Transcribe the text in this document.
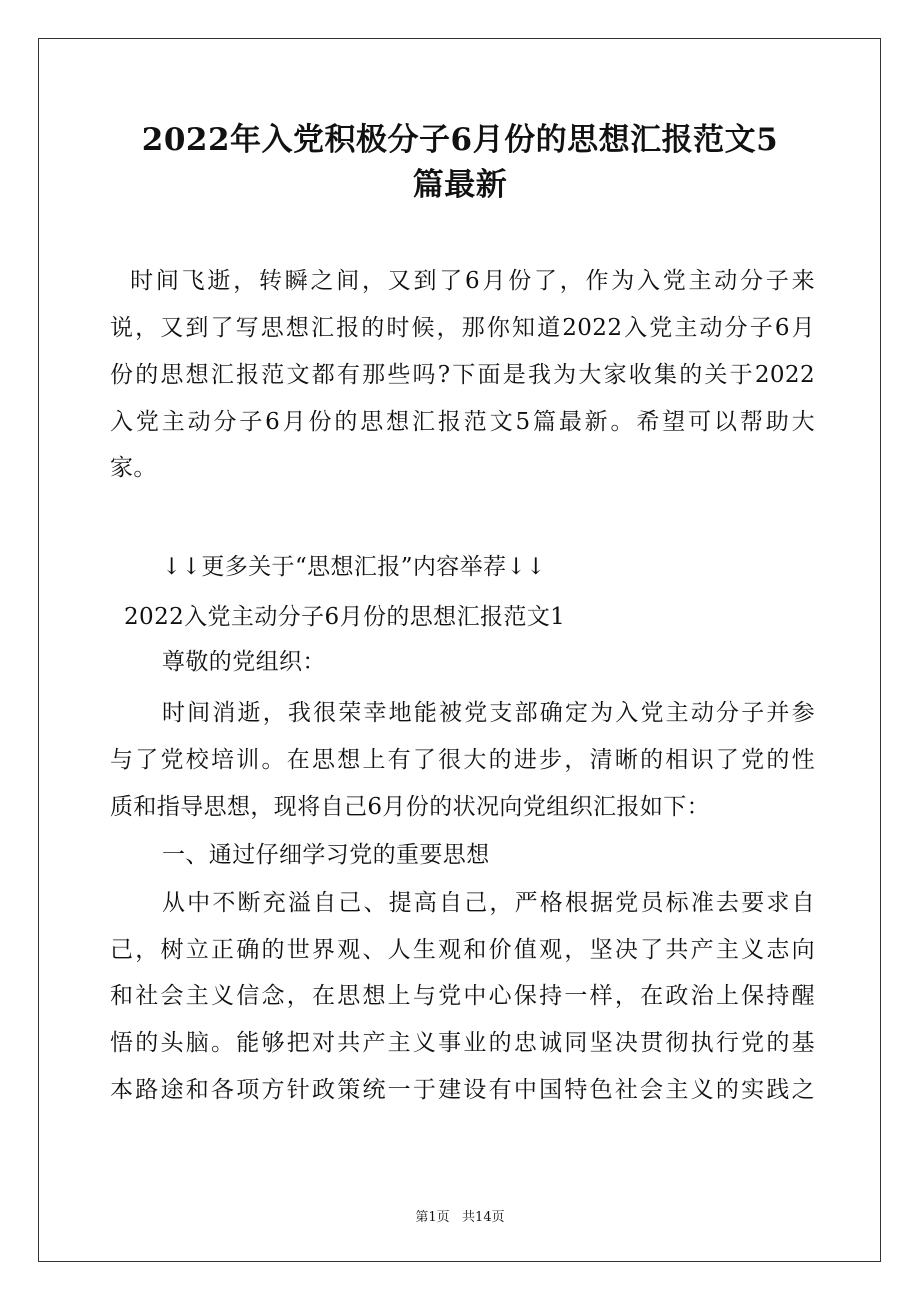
2022年入党积极分子6月份的思想汇报范文5
篇最新
时间飞逝，转瞬之间，又到了6月份了，作为入党主动分子来
说，又到了写思想汇报的时候，那你知道2022入党主动分子6月
份的思想汇报范文都有那些吗?下面是我为大家收集的关于2022
入党主动分子6月份的思想汇报范文5篇最新。希望可以帮助大
家。
↓↓更多关于“思想汇报”内容举荐↓↓
2022入党主动分子6月份的思想汇报范文1
尊敬的党组织：
时间消逝，我很荣幸地能被党支部确定为入党主动分子并参
与了党校培训。在思想上有了很大的进步，清晰的相识了党的性
质和指导思想，现将自己6月份的状况向党组织汇报如下：
一、通过仔细学习党的重要思想
从中不断充溢自己、提高自己，严格根据党员标准去要求自
己，树立正确的世界观、人生观和价值观，坚决了共产主义志向
和社会主义信念，在思想上与党中心保持一样，在政治上保持醒
悟的头脑。能够把对共产主义事业的忠诚同坚决贯彻执行党的基
本路途和各项方针政策统一于建设有中国特色社会主义的实践之
第1页   共14页
